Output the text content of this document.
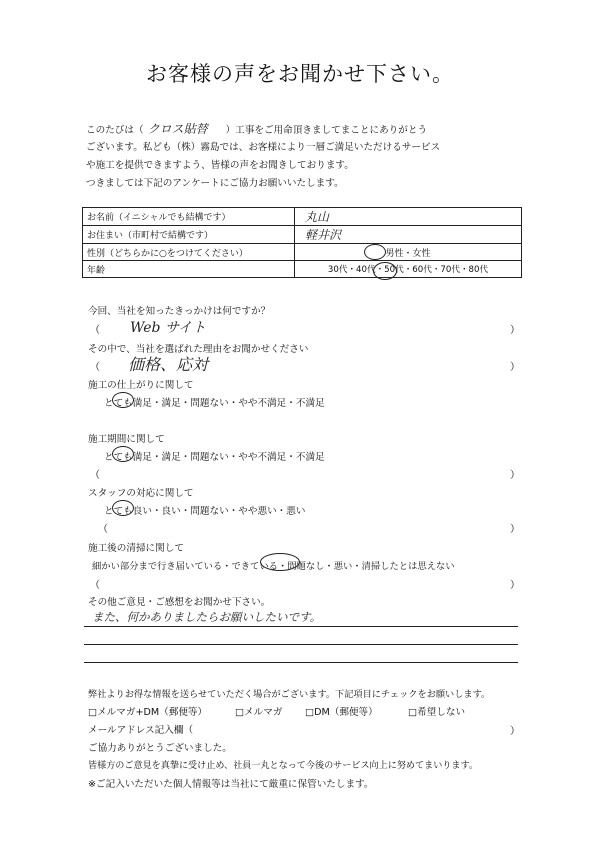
お客様の声をお聞かせ下さい。
このたびは（ クロス貼替 ）工事をご用命頂きましてまことにありがとう
ございます。私ども（株）霧島では、お客様により一層ご満足いただけるサービス
や施工を提供できますよう、皆様の声をお聞きしております。
つきましては下記のアンケートにご協力お願いいたします。
お名前（イニシャルでも結構です）	丸山
お住まい（市町村で結構です）	軽井沢
性別（どちらかに○をつけてください）	男性・女性
年齢	30代・40代・50代・60代・70代・80代
今回、当社を知ったきっかけは何ですか？
（ Web サイト	）
その中で、当社を選ばれた理由をお聞かせください
（ 価格、応対	）
施工の仕上がりに関して
とても満足・満足・問題ない・やや不満足・不満足
施工期間に関して
とても満足・満足・問題ない・やや不満足・不満足
（	）
スタッフの対応に関して
とても良い・良い・問題ない・やや悪い・悪い
（	）
施工後の清掃に関して
細かい部分まで行き届いている・できている・問題なし・悪い・清掃したとは思えない
（	）
その他ご意見・ご感想をお聞かせ下さい。
また、何かありましたらお願いしたいです。
弊社よりお得な情報を送らせていただく場合がございます。下記項目にチェックをお願いします。
□メルマガ+DM（郵便等）	□メルマガ □DM（郵便等）	□希望しない
メールアドレス記入欄（	）
ご協力ありがとうございました。
皆様方のご意見を真摯に受け止め、社員一丸となって今後のサービス向上に努めてまいります。
※ご記入いただいた個人情報等は当社にて厳重に保管いたします。
